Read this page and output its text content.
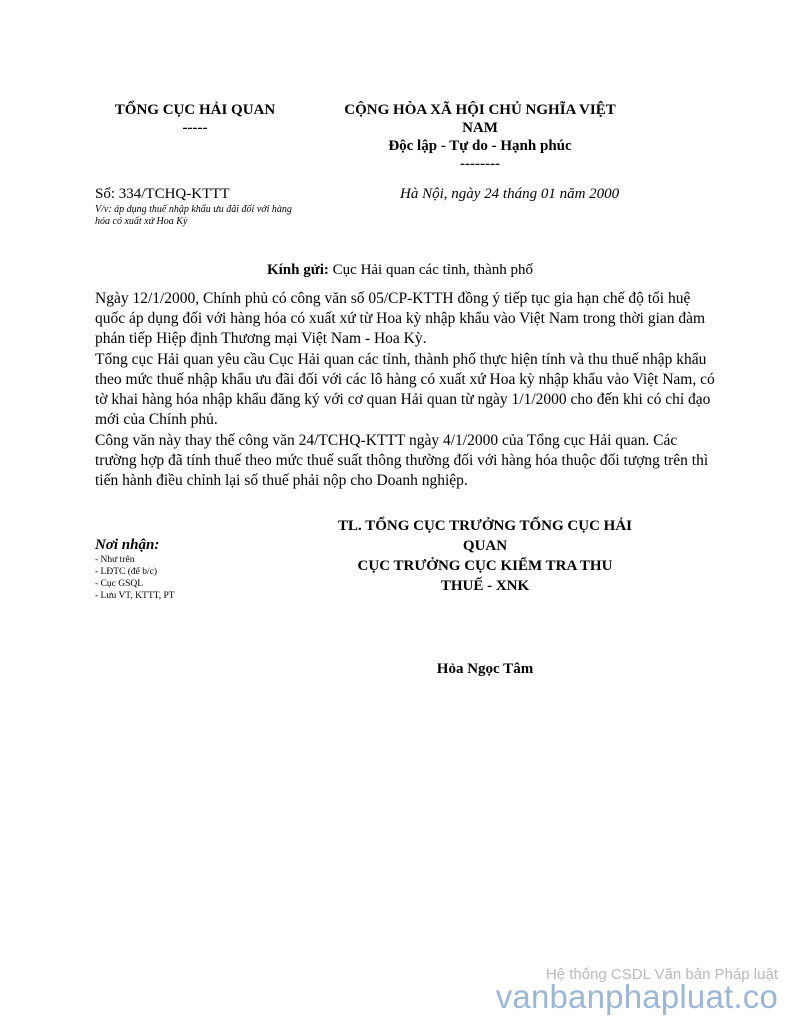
TỔNG CỤC HẢI QUAN
-----
CỘNG HÒA XÃ HỘI CHỦ NGHĨA VIỆT
NAM
Độc lập - Tự do - Hạnh phúc
--------
Số: 334/TCHQ-KTTT
V/v: áp dụng thuế nhập khẩu ưu đãi đối với hàng
hóa có xuất xứ Hoa Kỳ
Hà Nội, ngày 24 tháng 01 năm 2000
Kính gửi: Cục Hải quan các tỉnh, thành phố

Ngày 12/1/2000, Chính phủ có công văn số 05/CP-KTTH đồng ý tiếp tục gia hạn chế độ tối huệ quốc áp dụng đối với hàng hóa có xuất xứ từ Hoa kỳ nhập khẩu vào Việt Nam trong thời gian đàm phán tiếp Hiệp định Thương mại Việt Nam - Hoa Kỳ.

Tổng cục Hải quan yêu cầu Cục Hải quan các tỉnh, thành phố thực hiện tính và thu thuế nhập khẩu theo mức thuế nhập khẩu ưu đãi đối với các lô hàng có xuất xứ Hoa kỳ nhập khẩu vào Việt Nam, có tờ khai hàng hóa nhập khẩu đăng ký với cơ quan Hải quan từ ngày 1/1/2000 cho đến khi có chỉ đạo mới của Chính phủ.

Công văn này thay thế công văn 24/TCHQ-KTTT ngày 4/1/2000 của Tổng cục Hải quan. Các trường hợp đã tính thuế theo mức thuế suất thông thường đối với hàng hóa thuộc đối tượng trên thì tiến hành điều chỉnh lại số thuế phải nộp cho Doanh nghiệp.

Nơi nhận:
- Như trên
- LĐTC (để b/c)
- Cục GSQL
- Lưu VT, KTTT, PT
TL. TỔNG CỤC TRƯỞNG TỔNG CỤC HẢI
QUAN
CỤC TRƯỞNG CỤC KIỂM TRA THU
THUẾ - XNK
Hỏa Ngọc Tâm
Hệ thống CSDL Văn bản Pháp luật
vanbanphapluat.co
